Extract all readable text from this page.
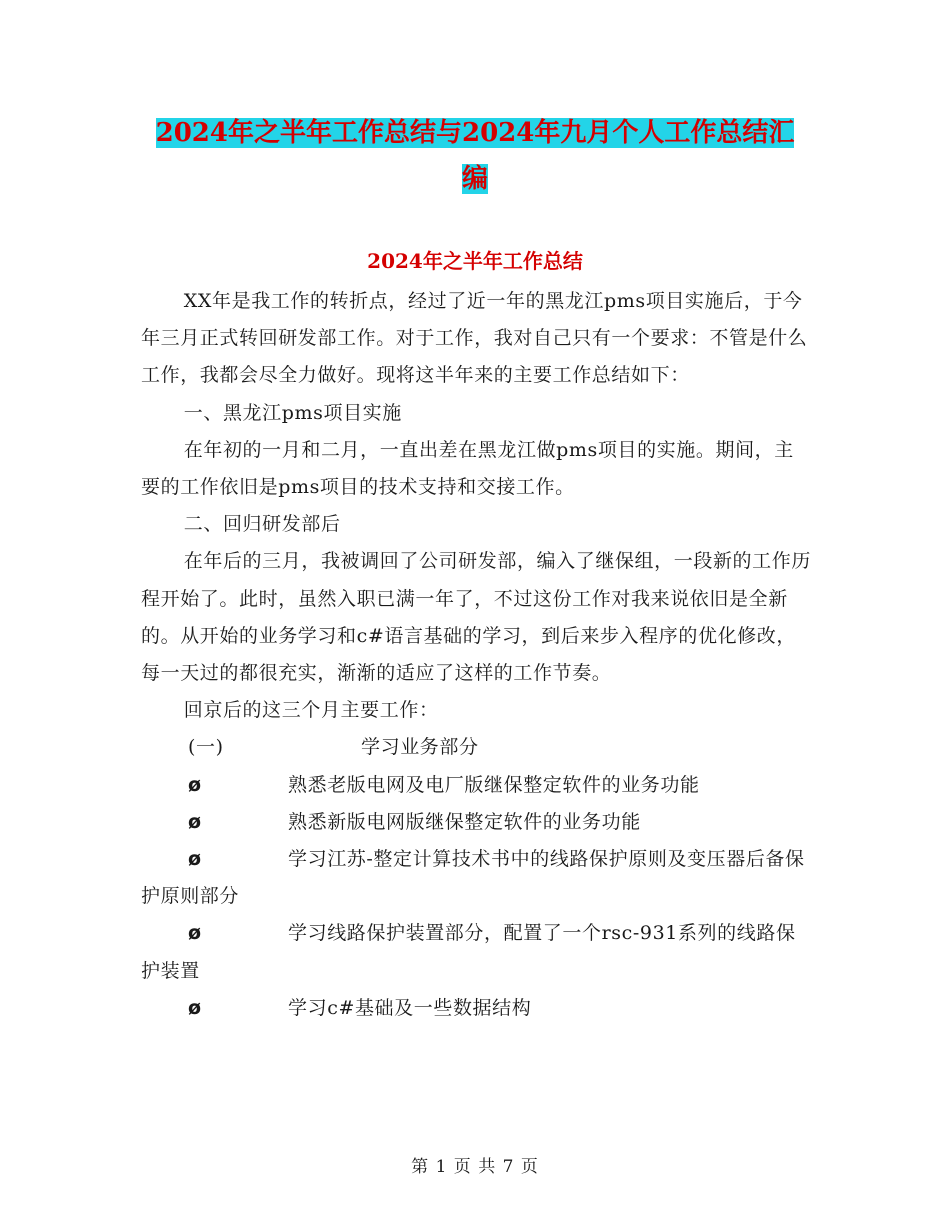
2024年之半年工作总结与2024年九月个人工作总结汇
编
2024年之半年工作总结

XX年是我工作的转折点，经过了近一年的黑龙江pms项目实施后，于今年三月正式转回研发部工作。对于工作，我对自己只有一个要求：不管是什么工作，我都会尽全力做好。现将这半年来的主要工作总结如下：

一、黑龙江pms项目实施

在年初的一月和二月，一直出差在黑龙江做pms项目的实施。期间，主要的工作依旧是pms项目的技术支持和交接工作。

二、回归研发部后

在年后的三月，我被调回了公司研发部，编入了继保组，一段新的工作历程开始了。此时，虽然入职已满一年了，不过这份工作对我来说依旧是全新的。从开始的业务学习和c#语言基础的学习，到后来步入程序的优化修改，每一天过的都很充实，渐渐的适应了这样的工作节奏。

回京后的这三个月主要工作：

(一)	学习业务部分

ø	熟悉老版电网及电厂版继保整定软件的业务功能

ø	熟悉新版电网版继保整定软件的业务功能

ø	学习江苏-整定计算技术书中的线路保护原则及变压器后备保护原则部分

ø	学习线路保护装置部分，配置了一个rsc-931系列的线路保护装置

ø	学习c#基础及一些数据结构

第 1 页 共 7 页
